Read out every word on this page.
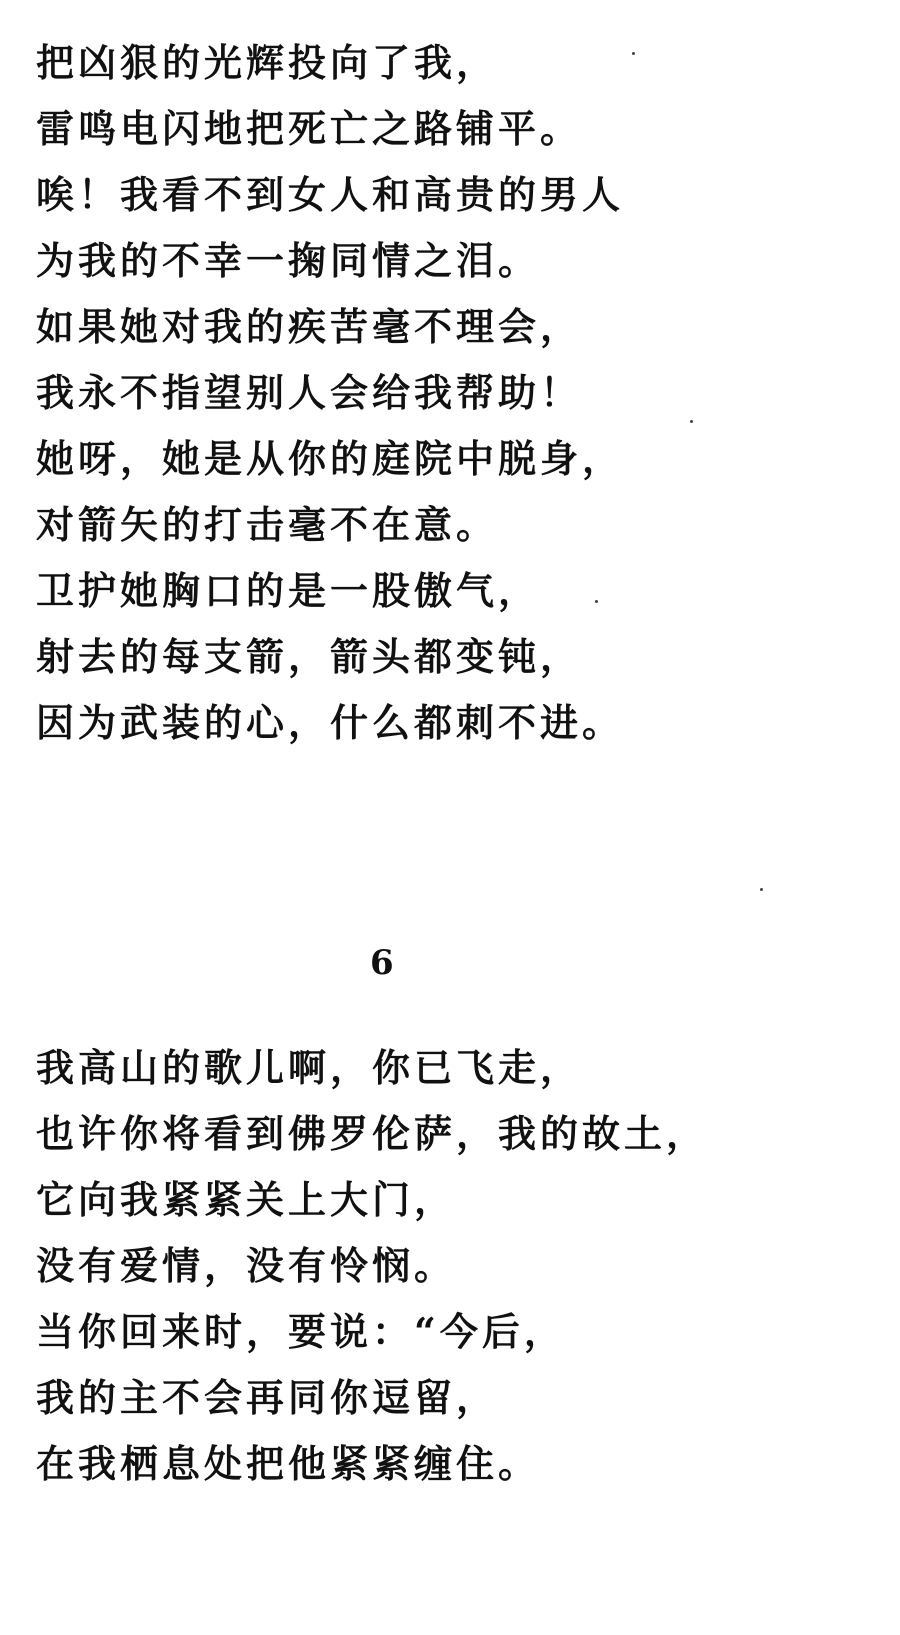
把凶狠的光辉投向了我，
雷鸣电闪地把死亡之路铺平。
唉！我看不到女人和高贵的男人
为我的不幸一掬同情之泪。
如果她对我的疾苦毫不理会，
我永不指望别人会给我帮助！
她呀，她是从你的庭院中脱身，
对箭矢的打击毫不在意。
卫护她胸口的是一股傲气，
射去的每支箭，箭头都变钝，
因为武装的心，什么都刺不进。
6
我高山的歌儿啊，你已飞走，
也许你将看到佛罗伦萨，我的故土，
它向我紧紧关上大门，
没有爱情，没有怜悯。
当你回来时，要说：“今后，
我的主不会再同你逗留，
在我栖息处把他紧紧缠住。
